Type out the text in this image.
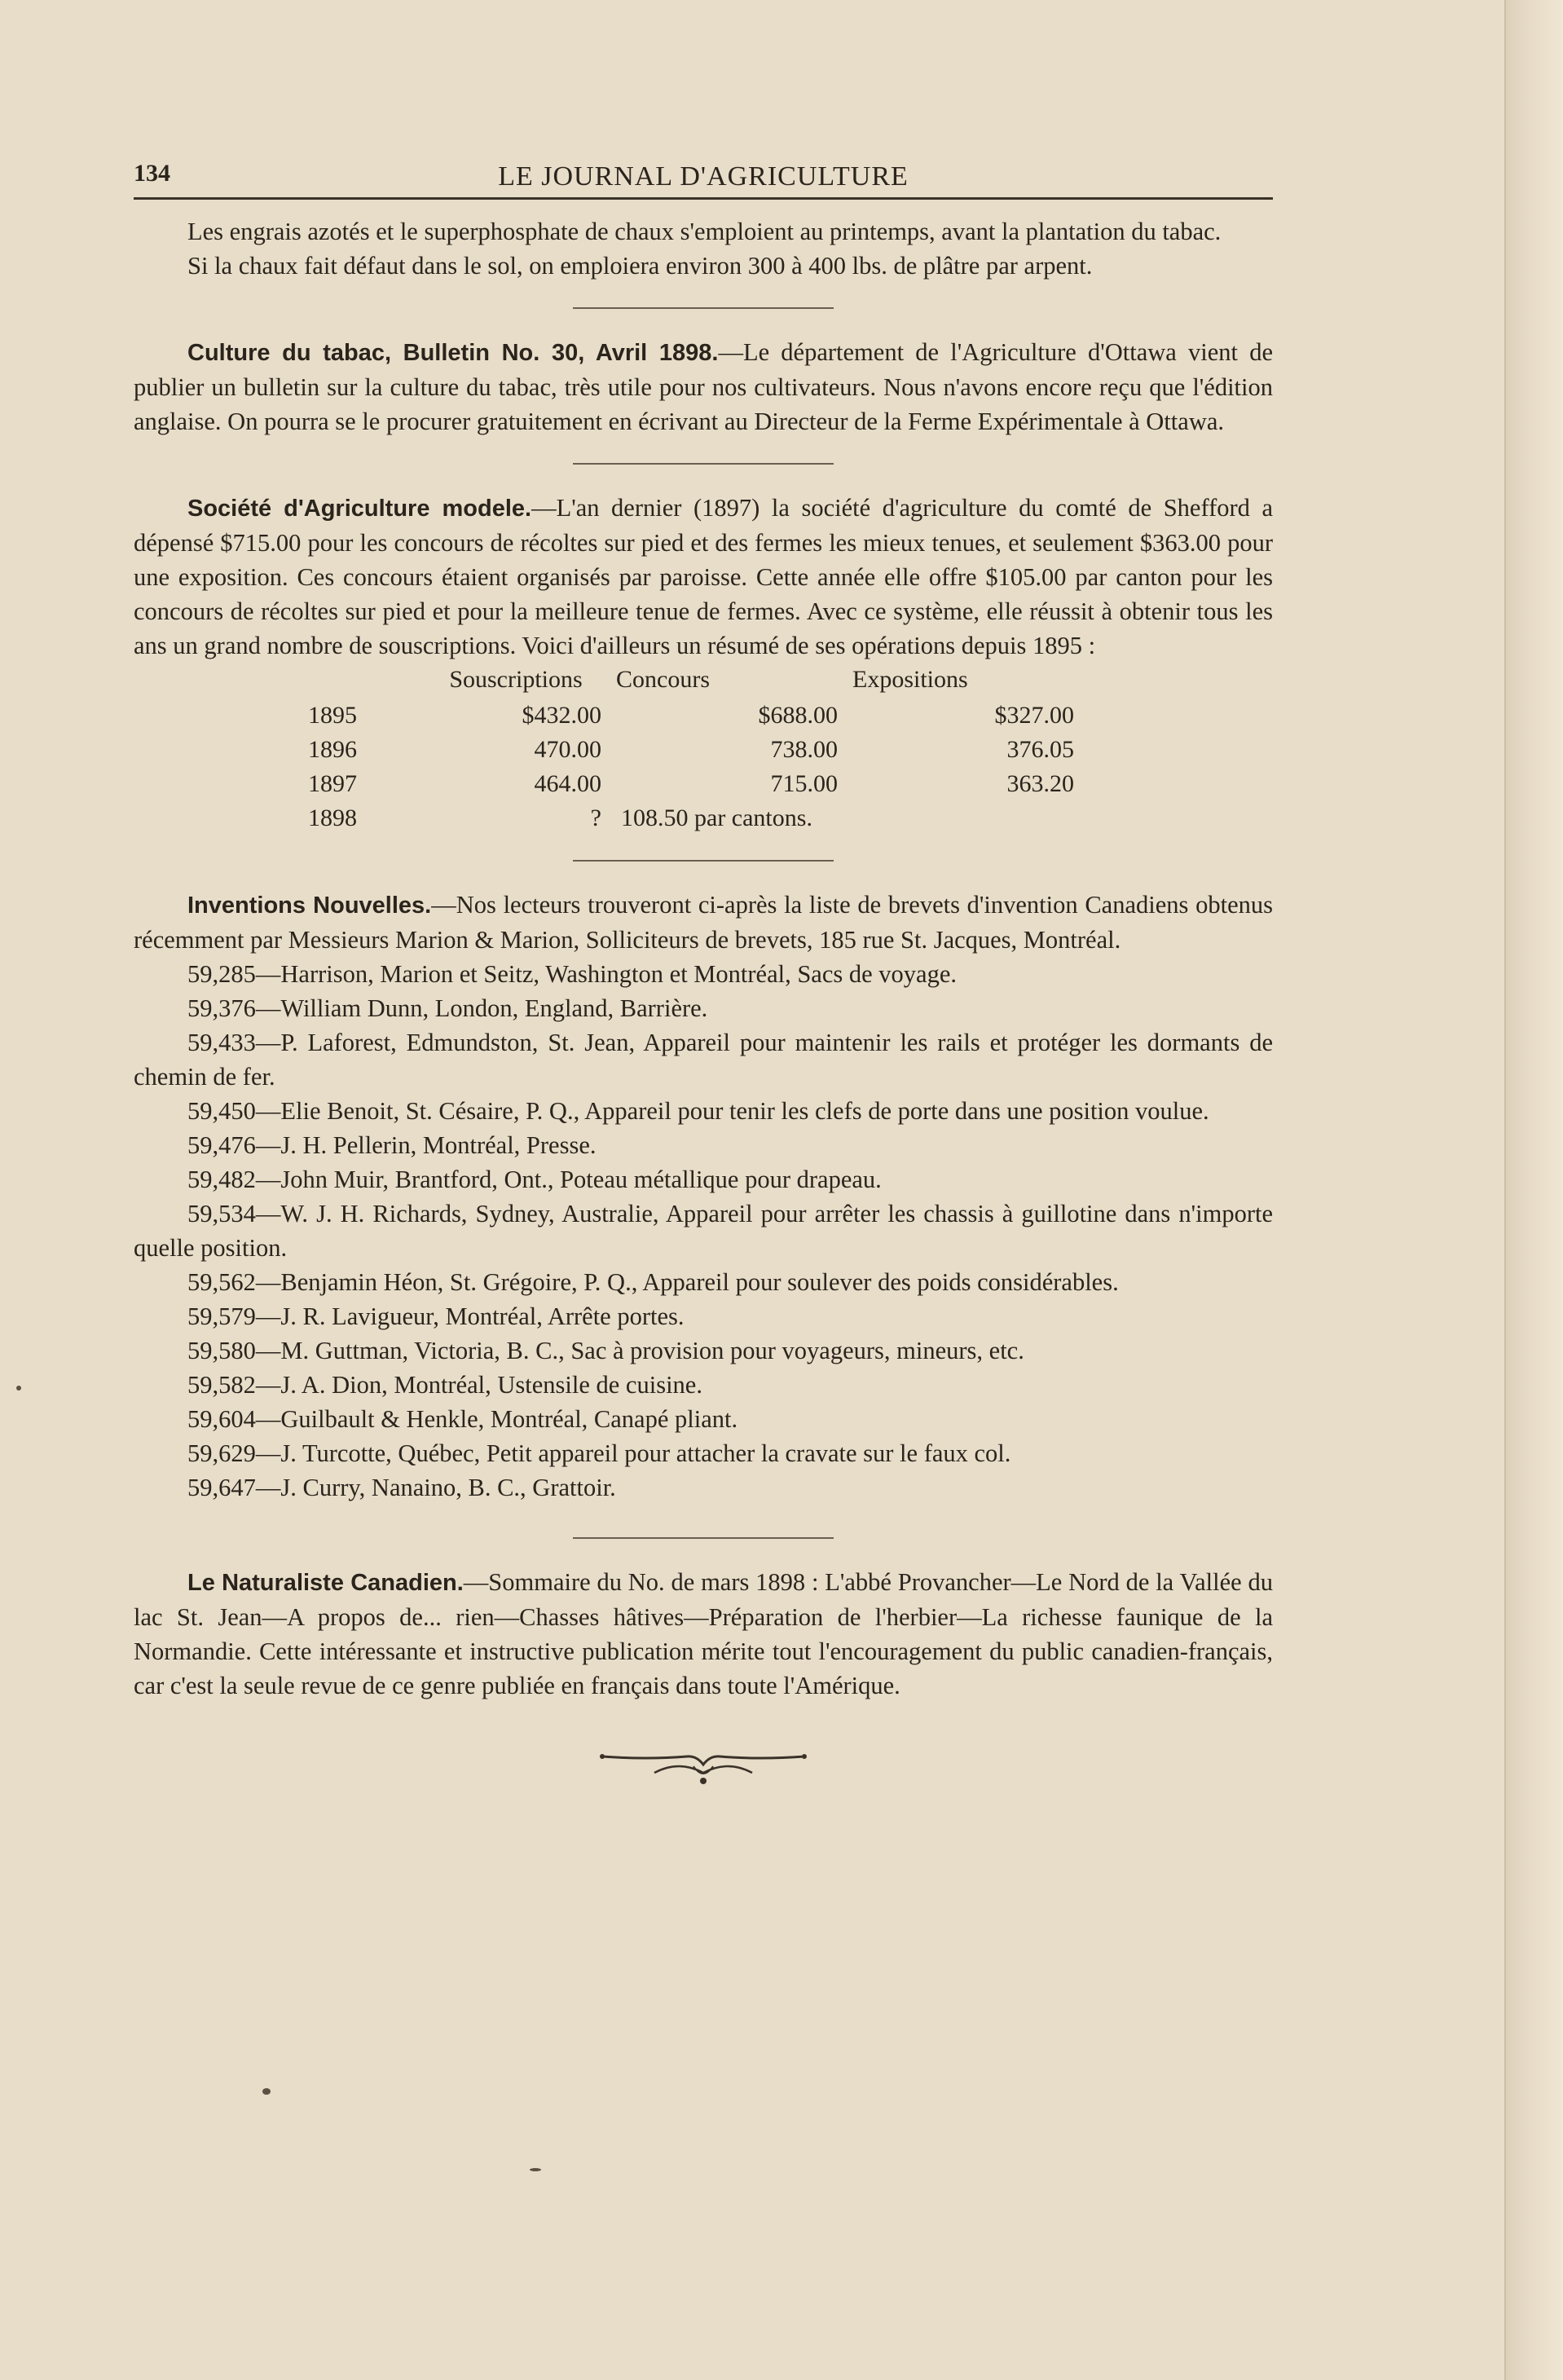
134	LE JOURNAL D'AGRICULTURE

Les engrais azotés et le superphosphate de chaux s'emploient au printemps, avant la plantation du tabac.

Si la chaux fait défaut dans le sol, on emploiera environ 300 à 400 lbs. de plâtre par arpent.

Culture du tabac, Bulletin No. 30, Avril 1898.—Le département de l'Agriculture d'Ottawa vient de publier un bulletin sur la culture du tabac, très utile pour nos cultivateurs. Nous n'avons encore reçu que l'édition anglaise. On pourra se le procurer gratuitement en écrivant au Directeur de la Ferme Expérimentale à Ottawa.

Société d'Agriculture modele.—L'an dernier (1897) la société d'agriculture du comté de Shefford a dépensé $715.00 pour les concours de récoltes sur pied et des fermes les mieux tenues, et seulement $363.00 pour une exposition. Ces concours étaient organisés par paroisse. Cette année elle offre $105.00 par canton pour les concours de récoltes sur pied et pour la meilleure tenue de fermes. Avec ce système, elle réussit à obtenir tous les ans un grand nombre de souscriptions. Voici d'ailleurs un résumé de ses opérations depuis 1895 :

	Souscriptions	Concours	Expositions
1895	$432.00	$688.00	$327.00
1896	470.00	738.00	376.05
1897	464.00	715.00	363.20
1898	?	108.50 par cantons.	

Inventions Nouvelles.—Nos lecteurs trouveront ci-après la liste de brevets d'invention Canadiens obtenus récemment par Messieurs Marion & Marion, Solliciteurs de brevets, 185 rue St. Jacques, Montréal.

59,285—Harrison, Marion et Seitz, Washington et Montréal, Sacs de voyage.

59,376—William Dunn, London, England, Barrière.

59,433—P. Laforest, Edmundston, St. Jean, Appareil pour maintenir les rails et protéger les dormants de chemin de fer.

59,450—Elie Benoit, St. Césaire, P. Q., Appareil pour tenir les clefs de porte dans une position voulue.

59,476—J. H. Pellerin, Montréal, Presse.

59,482—John Muir, Brantford, Ont., Poteau métallique pour drapeau.

59,534—W. J. H. Richards, Sydney, Australie, Appareil pour arrêter les chassis à guillotine dans n'importe quelle position.

59,562—Benjamin Héon, St. Grégoire, P. Q., Appareil pour soulever des poids considérables.

59,579—J. R. Lavigueur, Montréal, Arrête portes.

59,580—M. Guttman, Victoria, B. C., Sac à provision pour voyageurs, mineurs, etc.

59,582—J. A. Dion, Montréal, Ustensile de cuisine.

59,604—Guilbault & Henkle, Montréal, Canapé pliant.

59,629—J. Turcotte, Québec, Petit appareil pour attacher la cravate sur le faux col.

59,647—J. Curry, Nanaino, B. C., Grattoir.

Le Naturaliste Canadien.—Sommaire du No. de mars 1898 : L'abbé Provancher—Le Nord de la Vallée du lac St. Jean—A propos de... rien—Chasses hâtives—Préparation de l'herbier—La richesse faunique de la Normandie. Cette intéressante et instructive publication mérite tout l'encouragement du public canadien-français, car c'est la seule revue de ce genre publiée en français dans toute l'Amérique.
